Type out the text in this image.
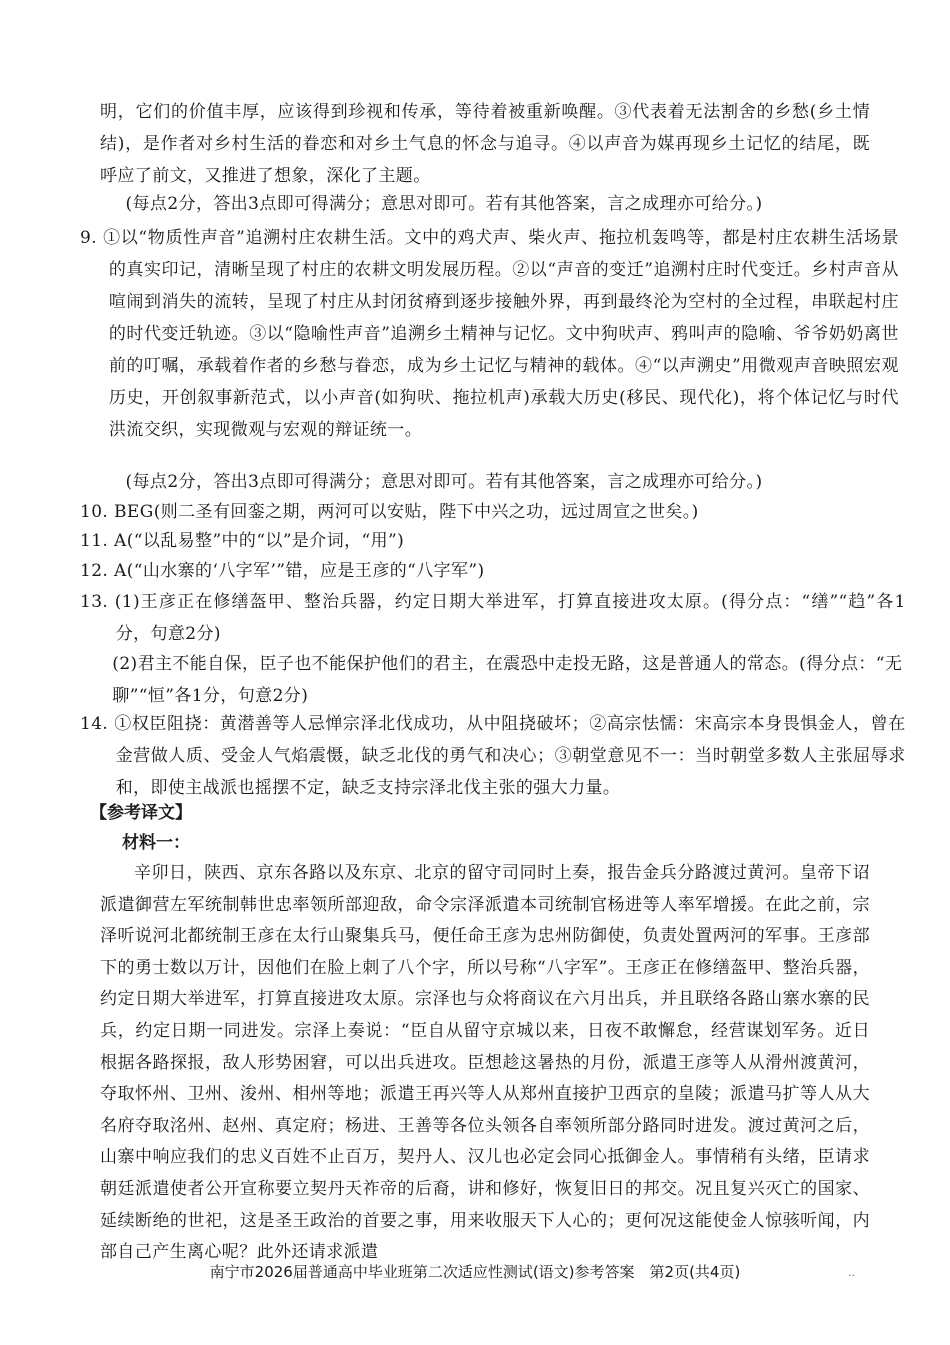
明，它们的价值丰厚，应该得到珍视和传承，等待着被重新唤醒。③代表着无法割舍的乡愁(乡土情结)，是作者对乡村生活的眷恋和对乡土气息的怀念与追寻。④以声音为媒再现乡土记忆的结尾，既呼应了前文，又推进了想象，深化了主题。

(每点2分，答出3点即可得满分；意思对即可。若有其他答案，言之成理亦可给分。)

9. ①以“物质性声音”追溯村庄农耕生活。文中的鸡犬声、柴火声、拖拉机轰鸣等，都是村庄农耕生活场景的真实印记，清晰呈现了村庄的农耕文明发展历程。②以“声音的变迁”追溯村庄时代变迁。乡村声音从喧闹到消失的流转，呈现了村庄从封闭贫瘠到逐步接触外界，再到最终沦为空村的全过程，串联起村庄的时代变迁轨迹。③以“隐喻性声音”追溯乡土精神与记忆。文中狗吠声、鸦叫声的隐喻、爷爷奶奶离世前的叮嘱，承载着作者的乡愁与眷恋，成为乡土记忆与精神的载体。④“以声溯史”用微观声音映照宏观历史，开创叙事新范式，以小声音(如狗吠、拖拉机声)承载大历史(移民、现代化)，将个体记忆与时代洪流交织，实现微观与宏观的辩证统一。

(每点2分，答出3点即可得满分；意思对即可。若有其他答案，言之成理亦可给分。)

10. BEG(则二圣有回銮之期，两河可以安贴，陛下中兴之功，远过周宣之世矣。)

11. A(“以乱易整”中的“以”是介词，“用”)

12. A(“山水寨的‘八字军’”错，应是王彦的“八字军”)

13. (1)王彦正在修缮盔甲、整治兵器，约定日期大举进军，打算直接进攻太原。(得分点：“缮”“趋”各1分，句意2分)

(2)君主不能自保，臣子也不能保护他们的君主，在震恐中走投无路，这是普通人的常态。(得分点：“无聊”“恒”各1分，句意2分)

14. ①权臣阻挠：黄潜善等人忌惮宗泽北伐成功，从中阻挠破坏；②高宗怯懦：宋高宗本身畏惧金人，曾在金营做人质、受金人气焰震慑，缺乏北伐的勇气和决心；③朝堂意见不一：当时朝堂多数人主张屈辱求和，即使主战派也摇摆不定，缺乏支持宗泽北伐主张的强大力量。

【参考译文】

材料一：

辛卯日，陕西、京东各路以及东京、北京的留守司同时上奏，报告金兵分路渡过黄河。皇帝下诏派遣御营左军统制韩世忠率领所部迎敌，命令宗泽派遣本司统制官杨进等人率军增援。在此之前，宗泽听说河北都统制王彦在太行山聚集兵马，便任命王彦为忠州防御使，负责处置两河的军事。王彦部下的勇士数以万计，因他们在脸上刺了八个字，所以号称“八字军”。王彦正在修缮盔甲、整治兵器，约定日期大举进军，打算直接进攻太原。宗泽也与众将商议在六月出兵，并且联络各路山寨水寨的民兵，约定日期一同进发。宗泽上奏说：“臣自从留守京城以来，日夜不敢懈怠，经营谋划军务。近日根据各路探报，敌人形势困窘，可以出兵进攻。臣想趁这暑热的月份，派遣王彦等人从滑州渡黄河，夺取怀州、卫州、浚州、相州等地；派遣王再兴等人从郑州直接护卫西京的皇陵；派遣马扩等人从大名府夺取洺州、赵州、真定府；杨进、王善等各位头领各自率领所部分路同时进发。渡过黄河之后，山寨中响应我们的忠义百姓不止百万，契丹人、汉儿也必定会同心抵御金人。事情稍有头绪，臣请求朝廷派遣使者公开宣称要立契丹天祚帝的后裔，讲和修好，恢复旧日的邦交。况且复兴灭亡的国家、延续断绝的世祀，这是圣王政治的首要之事，用来收服天下人心的；更何况这能使金人惊骇听闻，内部自己产生离心呢？此外还请求派遣

南宁市2026届普通高中毕业班第二次适应性测试(语文)参考答案　第2页(共4页)	..
